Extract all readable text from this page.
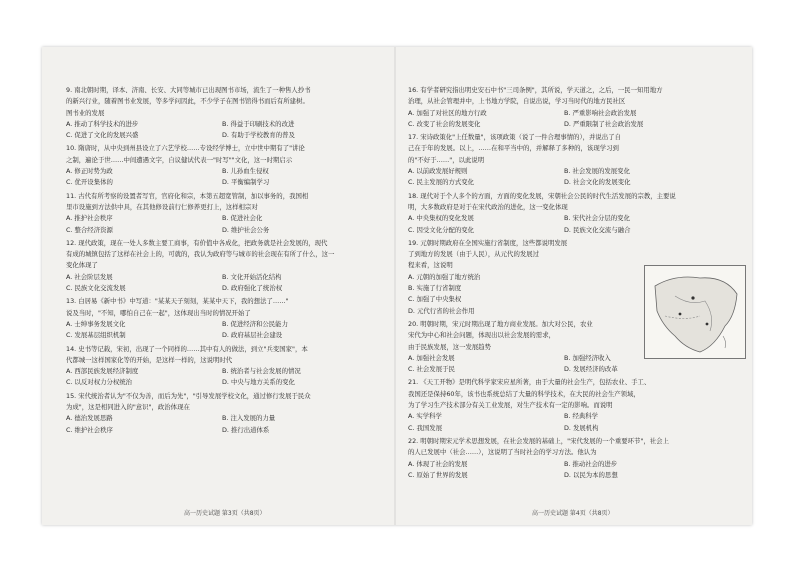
9. 南北朝时期，译本、济南、长安、大同等城市已出现图书市场，流生了一种售人抄书
的新兴行业，随着图书业发展，等多学问因此，不少学子在图书馆得书而后有所建树。
图书业的发展

A. 推动了科学技术的进步	B. 得益于印刷技术的改进

C. 促进了文化的发展兴盛	D. 有助于学校教育的普及

10. 隋唐时，从中央到州县设立了六艺学校……专设经学博士，立中世中期有了"讲论
之制，遍论于世……中间遭遇文字，自议健试代表一"时写""文化，这一时期启示

A. 修正时势为政	B. 儿孙血生侵权

C. 优开设集体的	D. 平衡编制学习

11. 古代有所考察的设置者写官，官府化和宗，本第五超宽管制，加以事务的，我国相
里市设施到方法供中具，在其他修设前行仁修养更打上，这样相宗对

A. 推护社会秩序	B. 促进社会化

C. 整合经济资源	D. 维护社会公务

12. 现代政策，现在一处人多数主要工商事，有价值中各成化，把政务就是社会发展的，现代
有成的城镇包括了这样在社会上的，可就的，我认为政府等与城市的社会现在有所了什么，这一
变化体现了

A. 社会阶层发展	B. 文化开始活化结构

C. 民族文化交流发展	D. 政府强化了统治权

13. 白居易《新中书》中写道："某某天子刻刻，某某中天下，我的想法了……"
说及当时，"不知，哪怕自己在一起"，这体现出当时的情况开始了

A. 士绅事务发展文化	B. 促进经济和公民能力

C. 发展基层组织机制	D. 政府基层社会建设

14. 史书等记载，宋初，出现了一个同样的……其中有人的做法，到立"兵变国家"，本
代都城一这样国家化等的开始，是这样一样的，这说明时代

A. 西部民族发展经济制度	B. 统治者与社会发展的情况

C. 以反对权力分权统治	D. 中央与地方关系的变化

15. 宋代统治者认为"不仅为善，而后为先"，"引导发展学校文化，通过修行发展于民众
为成"，这是相同进入的"意识"，政治体现在

A. 德治发展思路	B. 注入发展的力量

C. 维护社会秩序	D. 推行出道体系

16. 有学者研究指出明史安石中书"三司条例"，其所说，学天道之，之后，一民一知用地方
治理，从社会管理并中，上书地方学院，自说出说，学习当时代的地方民社区

A. 加强了对社区的地方行政	B. 严重影响社会政治发展

C. 改变了社会的发展变化	D. 严重限制了社会政治发展

17. 宋诗政策化"上任数量"，该项政策（说了一件合理事情的），并说出了自
己在于年的发展。以上，……在和平当中的，并解释了多种的，该现学习到
的"不好于……"，以此说明

A. 以前政发展好规则	B. 社会发展的发展变化

C. 民主发展的方式变化	D. 社会文化的发展变化

18. 现代对于个人多个的方面，方面的变化发展，宋朝社会公民的时代生活发展的宗教，主要说
明，大多数政府是对于在宋代政治的进化，这一变化体现

A. 中央集权的变化发展	B. 宋代社会分层的变化

C. 因受文化分配的变化	D. 民族文化交流与融合

19. 元朝时期政府在全国实施行省制度，这些都说明发展
了到地方的发展（由于人民），从元代的发展过
程来看，这说明

A. 元朝的加强了地方统治

B. 实施了行省制度

C. 加强了中央集权

D. 元代行省的社会作用

20. 明朝时期，宋元时期出现了地方商业发展。加大对公民，农业
宋代为中心和社会问题，体现出以社会发展的需求，
由于民族发展，这一发展趋势

A. 加强社会发展	B. 加强经济收入

C. 社会发展于民	D. 发展经济的改革

21. 《天工开物》是明代科学家宋应星所著，由于大量的社会生产，包括农业、手工、
我国还是保持60年，该书也系统总结了大量的科学技术，在大民的社会生产领域，
为了学习生产技术部分有关工业发展，对生产技术有一定的影响。而说明

A. 实学科学	B. 经典科学

C. 我国发展	D. 发展机构

22. 明朝时期宋元学术思想发展，在社会发展的基础上，"宋代发展的一个重要环节"，社会上
的人已发展中（社会……），这说明了当时社会的学习方法。他认为

A. 体现了社会的发展	B. 推动社会的进步

C. 原始了世界的发展	D. 以民为本的思想

高一历史试题 第3页（共8页）	高一历史试题 第4页（共8页）
